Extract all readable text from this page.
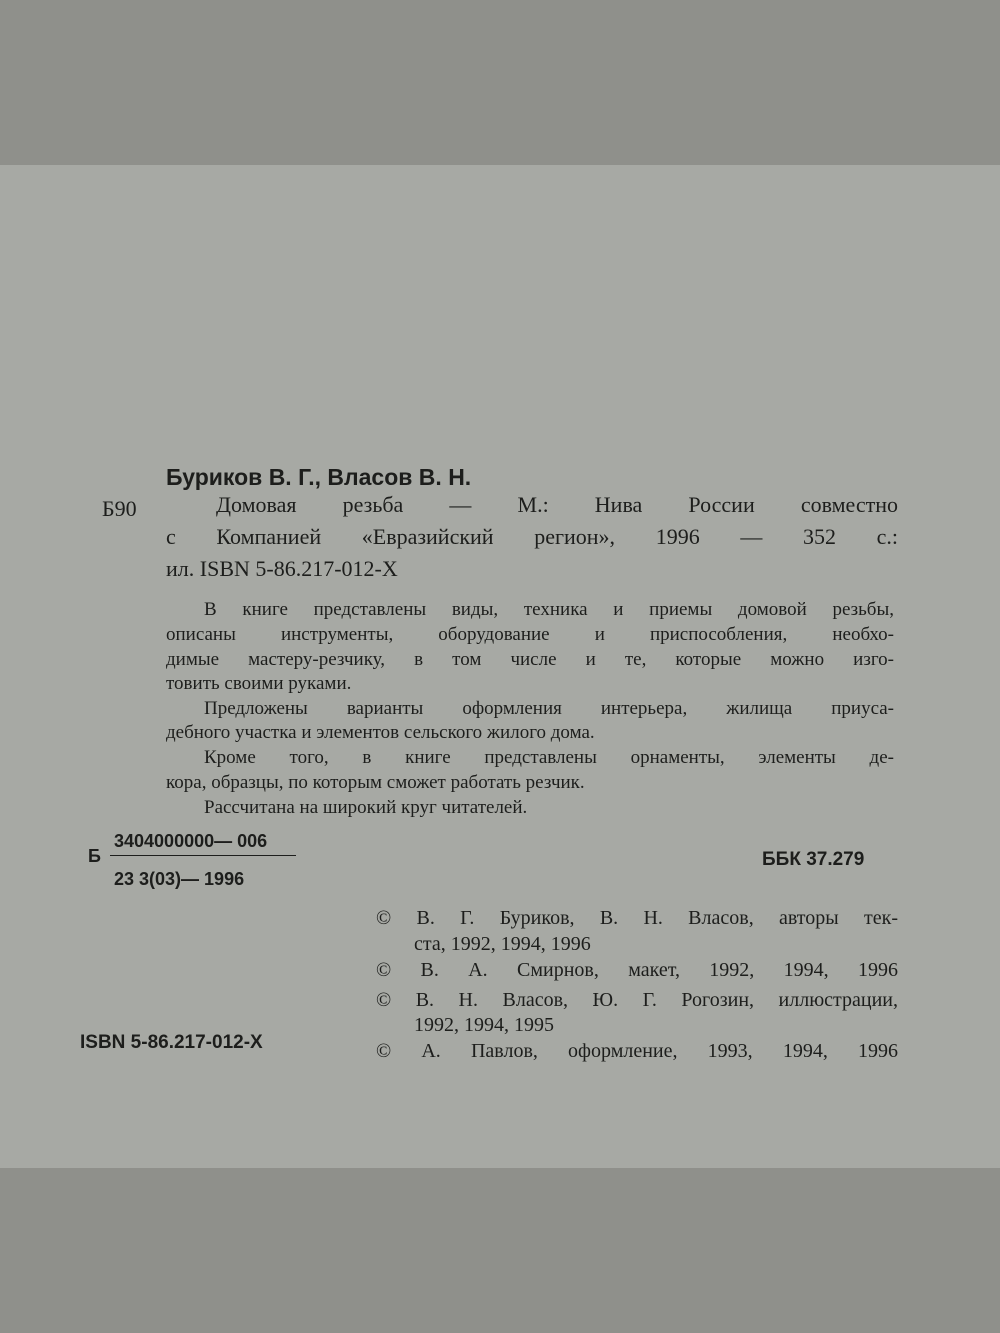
Буриков В. Г., Власов В. Н.
Б90	Домовая резьба — М.: Нива России совместно
с Компанией «Евразийский регион», 1996 — 352 с.:
ил. ISBN 5-86.217-012-X
В книге представлены виды, техника и приемы домовой резьбы,
описаны инструменты, оборудование и приспособления, необхо-
димые мастеру-резчику, в том числе и те, которые можно изго-
товить своими руками.
Предложены варианты оформления интерьера, жилища приуса-
дебного участка и элементов сельского жилого дома.
Кроме того, в книге представлены орнаменты, элементы де-
кора, образцы, по которым сможет работать резчик.
Рассчитана на широкий круг читателей.
Б
3404000000— 006
23 3(03)— 1996
ББК 37.279
© В. Г. Буриков, В. Н. Власов, авторы тек-
ста, 1992, 1994, 1996
© В. А. Смирнов, макет, 1992, 1994, 1996
© В. Н. Власов, Ю. Г. Рогозин, иллюстрации,
1992, 1994, 1995
© А. Павлов, оформление, 1993, 1994, 1996
ISBN 5-86.217-012-X
